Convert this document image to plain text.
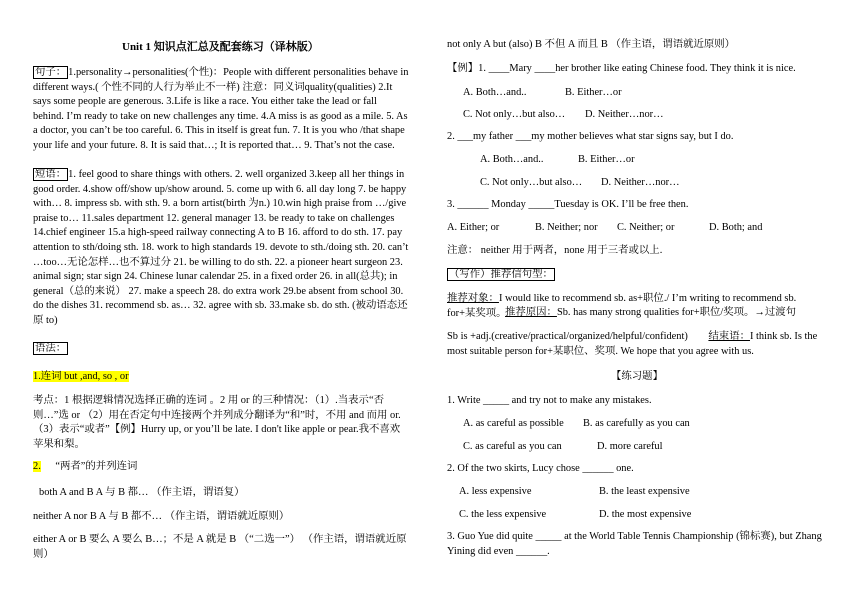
Unit 1 知识点汇总及配套练习（译林版）

句子： 1.personality→personalities(个性)：People with different personalities behave in different ways.( 个性不同的人行为举止不一样) 注意：同义词quality(qualities) 2.It says some people are generous. 3.Life is like a race. You either take the lead or fall behind. I’m ready to take on new challenges any time. 4.A miss is as good as a mile. 5. As a doctor, you can’t be too careful. 6. This in itself is great fun. 7. It is you who /that shape your life and your future. 8. It is said that…; It is reported that… 9. That’s not the case.

短语： 1. feel good to share things with others. 2. well organized 3.keep all her things in good order. 4.show off/show up/show around. 5. come up with 6. all day long 7. be happy with… 8. impress sb. with sth. 9. a born artist(birth 为n.) 10.win high praise from …/give praise to… 11.sales department 12. general manager 13. be ready to take on challenges 14.chief engineer 15.a high-speed railway connecting A to B 16. afford to do sth. 17. pay attention to sth/doing sth. 18. work to high standards 19. devote to sth./doing sth. 20. can’t …too…无论怎样…也不算过分 21. be willing to do sth. 22. a pioneer heart surgeon 23. animal sign; star sign 24. Chinese lunar calendar 25. in a fixed order 26. in all(总共); in general（总的来说） 27. make a speech 28. do extra work 29.be absent from school 30. do the dishes 31. recommend sb. as… 32. agree with sb. 33.make sb. do sth. (被动语态还原 to)

语法：

1.连词 but ,and, so , or

考点：1 根据逻辑情况选择正确的连词 。2 用 or 的三种情况：（1）.当表示“否则…”选 or （2）用在否定句中连接两个并列成分翻译为“和”时，不用 and 而用 or. （3）表示“或者”【例】Hurry up, or you’ll be late. I don't like apple or pear.我不喜欢苹果和梨。

2. “两者”的并列连词

both A and B A 与 B 都… （作主语，谓语复）

neither A nor B A 与 B 都不… （作主语，谓语就近原则）

either A or B 要么 A 要么 B…；不是 A 就是 B （“二选一”） （作主语，谓语就近原则）

not only A but (also) B 不但 A 而且 B （作主语，谓语就近原则）

【例】1. ____Mary ____her brother like eating Chinese food. They think it is nice.

A. Both…and..	B. Either…or

C. Not only…but also… D. Neither…nor…

2. ___my father ___my mother believes what star signs say, but I do.

A. Both…and..	B. Either…or

C. Not only…but also… D. Neither…nor…

3. ______ Monday _____Tuesday is OK. I’ll be free then.

A. Either; or	B. Neither; nor C. Neither; or	D. Both; and

注意： neither 用于两者，none 用于三者或以上.

（写作）推荐信句型：

推荐对象：I would like to recommend sb. as+职位./ I’m writing to recommend sb. for+某奖项。

推荐原因：Sb. has many strong qualities for+职位/奖项。→过渡句

Sb is +adj.(creative/practical/organized/helpful/confident) 结束语：I think sb. Is the most suitable person for+某职位、奖项. We hope that you agree with us.

【练习题】

1. Write _____ and try not to make any mistakes.

A. as careful as possible B. as carefully as you can

C. as careful as you can	D. more careful

2. Of the two skirts, Lucy chose ______ one.

A. less expensive	B. the least expensive

C. the less expensive	D. the most expensive

3. Guo Yue did quite _____ at the World Table Tennis Championship (锦标赛), but Zhang Yining did even ______.
